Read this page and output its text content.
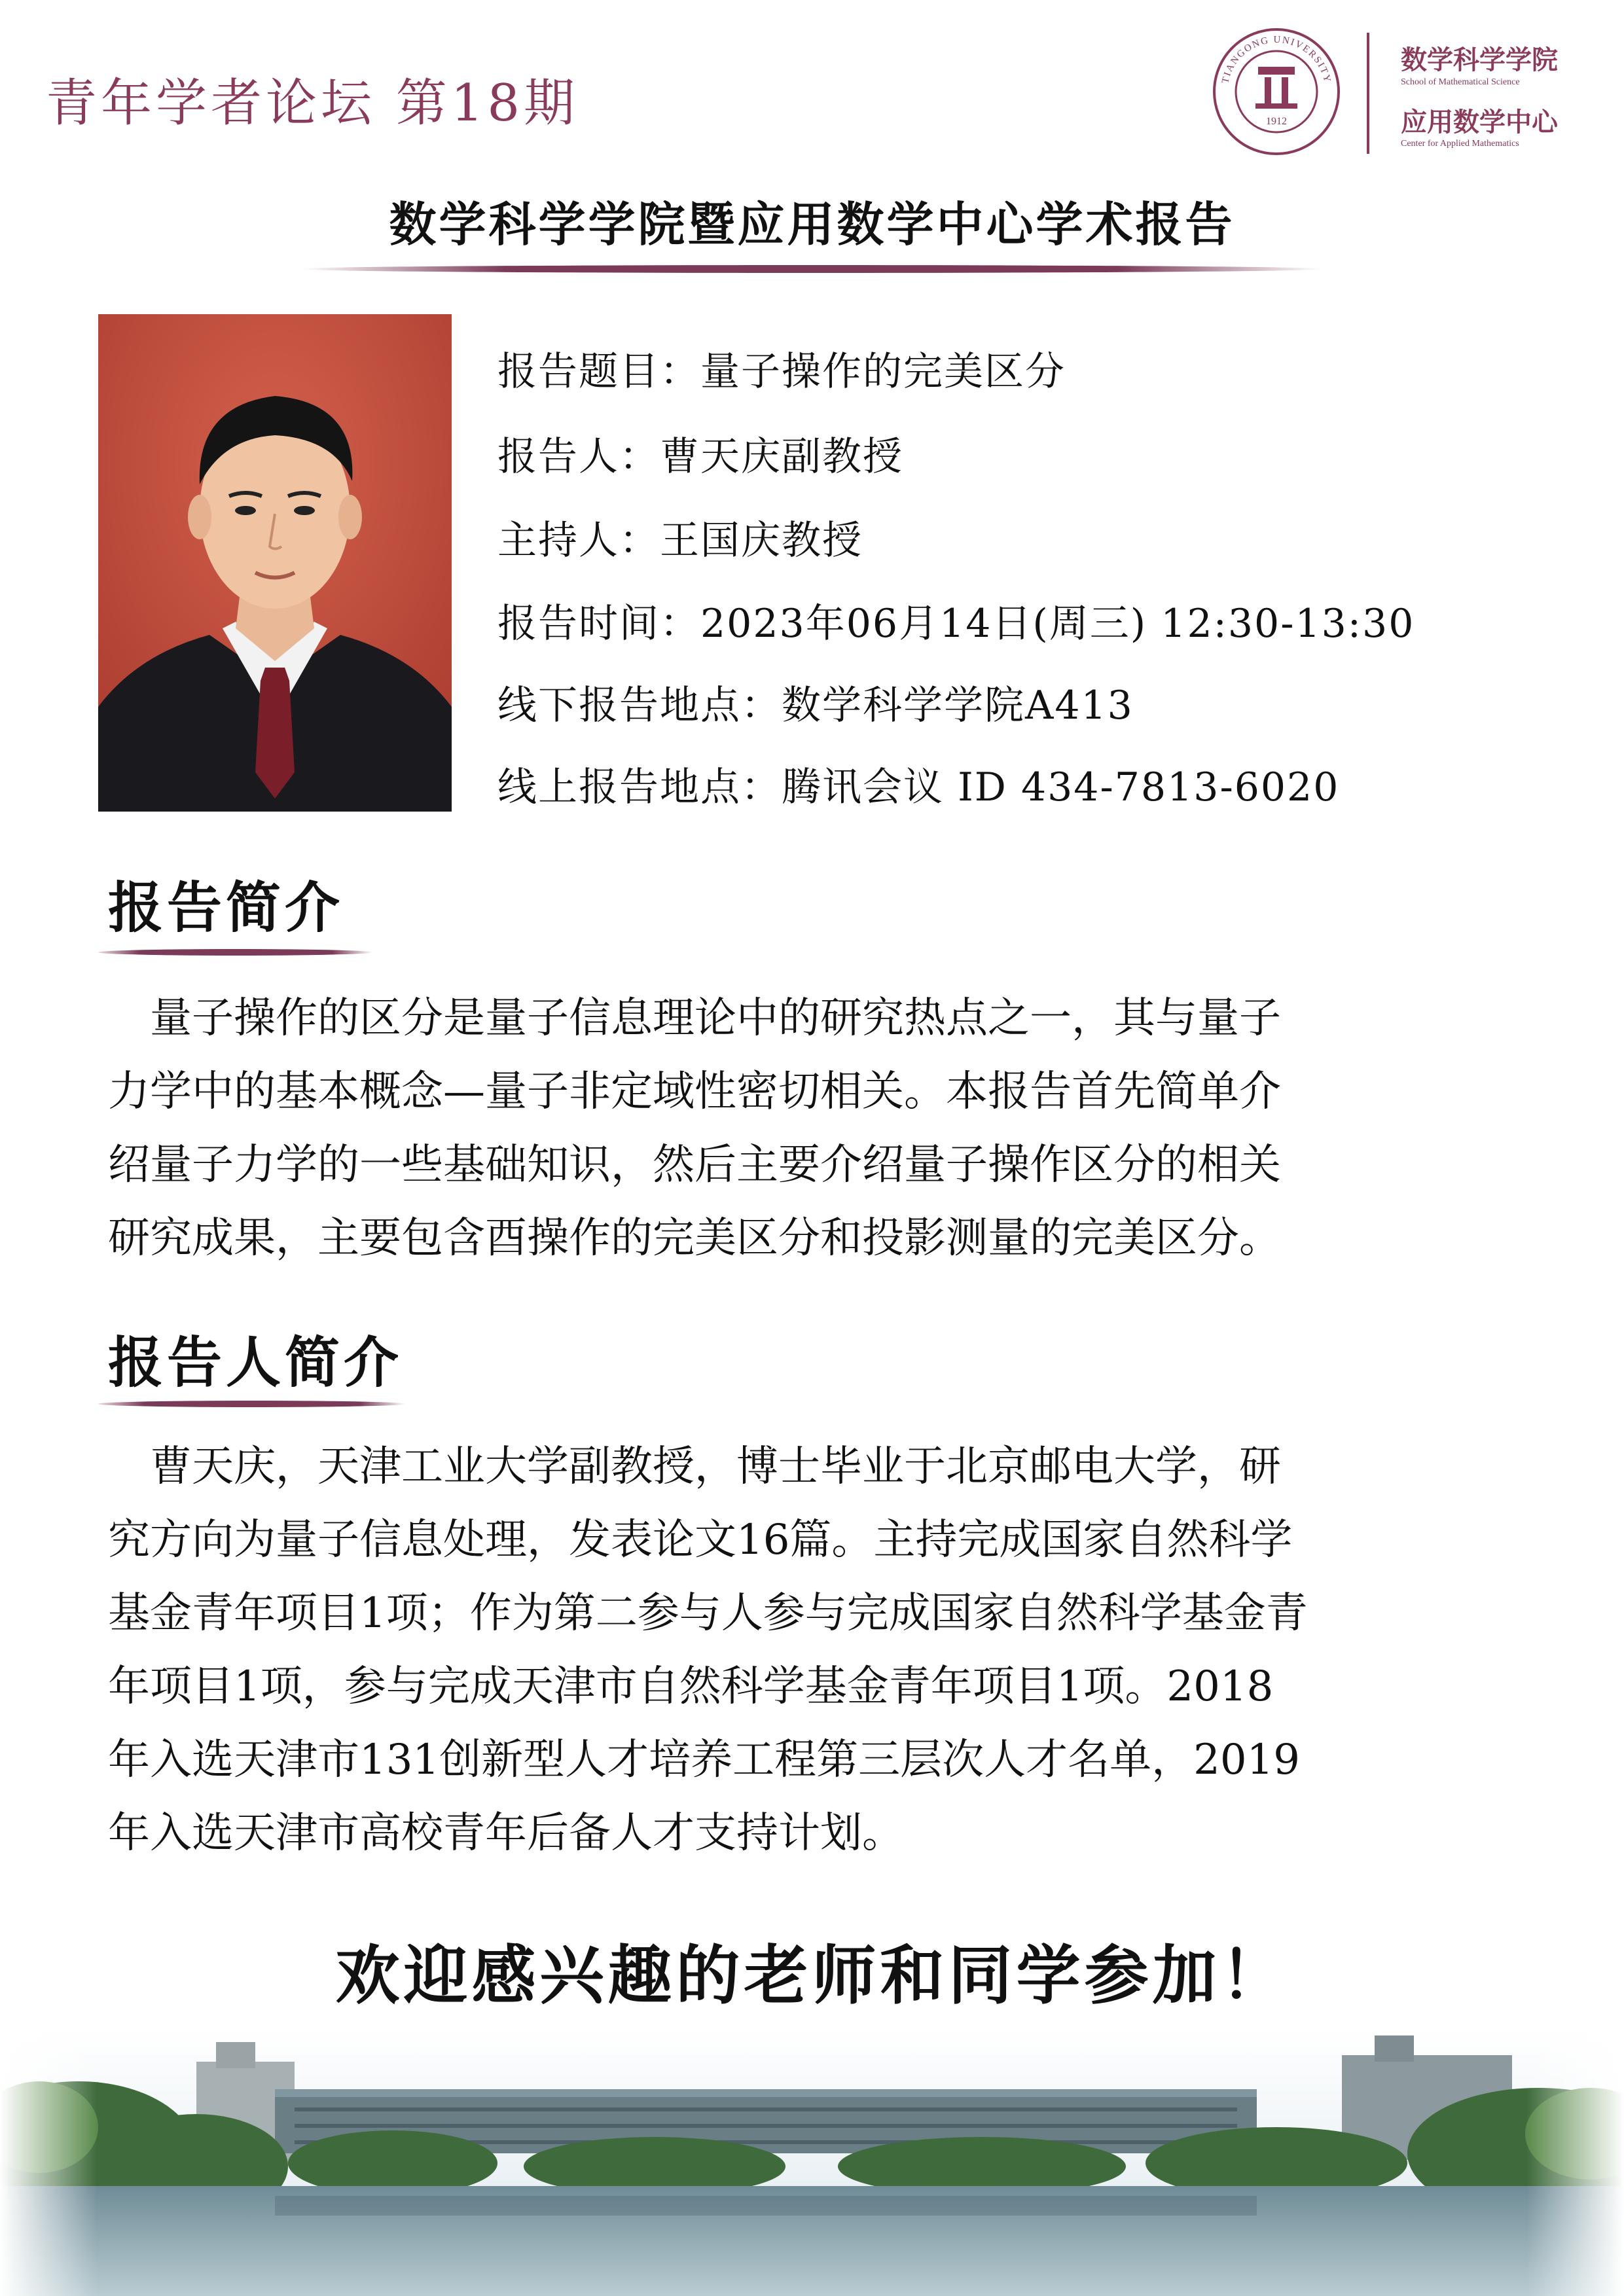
青年学者论坛 第18期	TIANGONG UNIVERSITY
1912
数学科学学院
School of Mathematical Science
应用数学中心
Center for Applied Mathematics
数学科学学院暨应用数学中心学术报告
报告题目：量子操作的完美区分
报告人：曹天庆副教授
主持人：王国庆教授
报告时间：2023年06月14日(周三) 12:30-13:30
线下报告地点：数学科学学院A413
线上报告地点：腾讯会议 ID 434-7813-6020
报告简介
　量子操作的区分是量子信息理论中的研究热点之一，其与量子
力学中的基本概念—量子非定域性密切相关。本报告首先简单介
绍量子力学的一些基础知识，然后主要介绍量子操作区分的相关
研究成果，主要包含酉操作的完美区分和投影测量的完美区分。
报告人简介
　曹天庆，天津工业大学副教授，博士毕业于北京邮电大学，研
究方向为量子信息处理，发表论文16篇。主持完成国家自然科学
基金青年项目1项；作为第二参与人参与完成国家自然科学基金青
年项目1项，参与完成天津市自然科学基金青年项目1项。2018
年入选天津市131创新型人才培养工程第三层次人才名单，2019
年入选天津市高校青年后备人才支持计划。
欢迎感兴趣的老师和同学参加！
